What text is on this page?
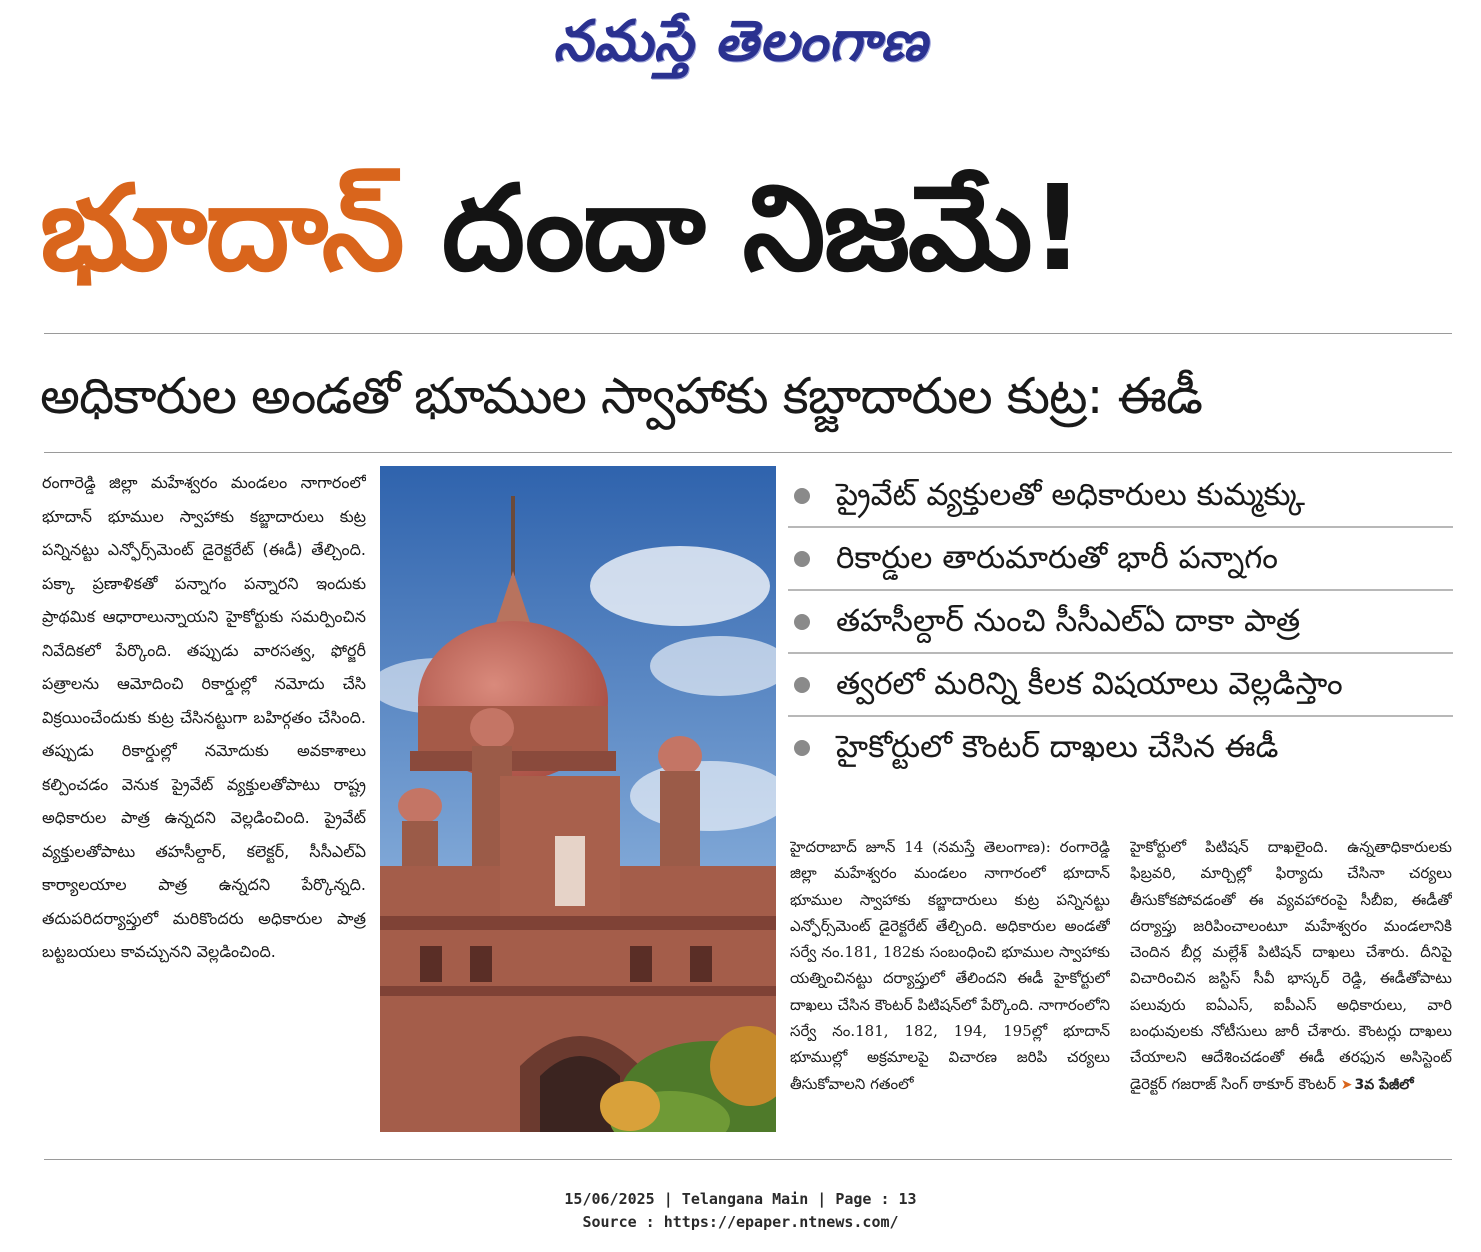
నమస్తే తెలంగాణ
భూదాన్ దందా నిజమే!
అధికారుల అండతో భూముల స్వాహాకు కబ్జాదారుల కుట్ర: ఈడీ
రంగారెడ్డి జిల్లా మహేశ్వరం మండలం నాగారంలో భూదాన్ భూముల స్వాహాకు కబ్జాదారులు కుట్ర పన్నినట్టు ఎన్ఫోర్స్‌మెంట్ డైరెక్టరేట్ (ఈడీ) తేల్చింది. పక్కా ప్రణాళికతో పన్నాగం పన్నారని ఇందుకు ప్రాథమిక ఆధారాలున్నాయని హైకోర్టుకు సమర్పించిన నివేదికలో పేర్కొంది. తప్పుడు వారసత్వ, ఫోర్జరీ పత్రాలను ఆమోదించి రికార్డుల్లో నమోదు చేసి విక్రయించేందుకు కుట్ర చేసినట్టుగా బహిర్గతం చేసింది. తప్పుడు రికార్డుల్లో నమోదుకు అవకాశాలు కల్పించడం వెనుక ప్రైవేట్ వ్యక్తులతోపాటు రాష్ట్ర అధికారుల పాత్ర ఉన్నదని వెల్లడించింది. ప్రైవేట్ వ్యక్తులతోపాటు తహసీల్దార్, కలెక్టర్, సీసీఎల్ఏ కార్యాలయాల పాత్ర ఉన్నదని పేర్కొన్నది. తదుపరిదర్యాప్తులో మరికొందరు అధికారుల పాత్ర బట్టబయలు కావచ్చునని వెల్లడించింది.
ప్రైవేట్ వ్యక్తులతో అధికారులు కుమ్మక్కు
రికార్డుల తారుమారుతో భారీ పన్నాగం
తహసీల్దార్ నుంచి సీసీఎల్ఏ దాకా పాత్ర
త్వరలో మరిన్ని కీలక విషయాలు వెల్లడిస్తాం
హైకోర్టులో కౌంటర్ దాఖలు చేసిన ఈడీ
హైదరాబాద్ జూన్ 14 (నమస్తే తెలంగాణ): రంగారెడ్డి జిల్లా మహేశ్వరం మండలం నాగారంలో భూదాన్ భూముల స్వాహాకు కబ్జాదారులు కుట్ర పన్నినట్టు ఎన్ఫోర్స్‌మెంట్ డైరెక్టరేట్ తేల్చింది. అధికారుల అండతో సర్వే నం.181, 182కు సంబంధించి భూముల స్వాహాకు యత్నించినట్టు దర్యాప్తులో తేలిందని ఈడీ హైకోర్టులో దాఖలు చేసిన కౌంటర్ పిటిషన్‌లో పేర్కొంది. నాగారంలోని సర్వే నం.181, 182, 194, 195ల్లో భూదాన్ భూముల్లో అక్రమాలపై విచారణ జరిపి చర్యలు తీసుకోవాలని గతంలో
హైకోర్టులో పిటిషన్ దాఖలైంది. ఉన్నతాధికారులకు ఫిబ్రవరి, మార్చిల్లో ఫిర్యాదు చేసినా చర్యలు తీసుకోకపోవడంతో ఈ వ్యవహారంపై సీబీఐ, ఈడీతో దర్యాప్తు జరిపించాలంటూ మహేశ్వరం మండలానికి చెందిన బీర్ల మల్లేశ్ పిటిషన్ దాఖలు చేశారు. దీనిపై విచారించిన జస్టిస్ సీవీ భాస్కర్ రెడ్డి, ఈడీతోపాటు పలువురు ఐఏఎస్, ఐపీఎస్ అధికారులు, వారి బంధువులకు నోటీసులు జారీ చేశారు. కౌంటర్లు దాఖలు చేయాలని ఆదేశించడంతో ఈడీ తరఫున అసిస్టెంట్ డైరెక్టర్ గజరాజ్ సింగ్ ఠాకూర్ కౌంటర్ ➤ 3వ పేజీలో
15/06/2025 | Telangana Main | Page : 13
Source : https://epaper.ntnews.com/
